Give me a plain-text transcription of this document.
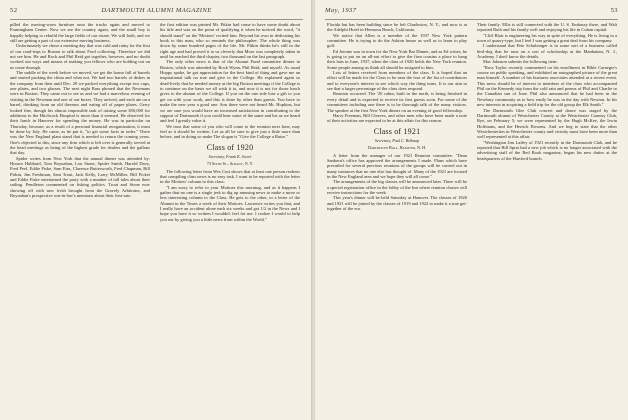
52	DARTMOUTH ALUMNI MAGAZINE

pilled the moving-worn furniture onto the trucks again and moved to Framingham Center. Now we are the country again, and the small boy is happily helping to rebuild the large fields of our estate. We will both, and we still are getting a part of our extensive moving business.

Unfortunately we chose a meeting day that was cold and rainy for the first of our road-trips to Boston to talk about Ford collecting. Therefore we did not see him. He and Rock and Phil Reid got together, however, and no doubt worked out ways and means of making you fellows who are holding out on us come through.

The saddle of the week before we moved, we got the house full of barrels and started packing the china and what not. We had two barrels of dishes in the company from then until Dec. 29 we packed everything except two cups, one plates, and two glasses. The next night Bass phoned that the Newmans were in Boston. They came out to see us and we had a marvelous evening of visiting in the Newman and one of our boxes. They arrived, and each ate on a barrel, drinking from an old thermos and eating off of paper plates. Gerry looked fine, though his almost impossible task of raising some $50,000 for additions to the Hitchcock Hospital is more than it seemed. He observed for their lunch in Hanover for spending the money. He was in particular on Thursday, because, as a result of a personal financial reorganization, it must be done by July. He came, as he put it, "to get some facts in order." There was the New England plant stand that is needed to return the coming years. One's objected to this, since any firm which is left over is generally served at the head meetings as being of the highest grade for dealers and the gallons that day.

Spider writes from New York that the annual dinner was attended by: Horace Hubbard, Tom Boynahan, Lou Stone, Spider Smith, Harold Davy, Fred Peel, Eddie Fiske, Sam Eies, Clarence Butterworth, Fred Chapman, Bill Pirkin, Jim Freshman, Sam Trout, Jack Kelly, Larry McMilles. Bill Picket and Eddie Fiske entertained the party with a number of tall tales about their sailing. Pendleton commented on fishing politics. Trout and Stone now showing off with new fresh brought from the Gravely Arbitrator, and Boynahan's prospective son-in-law's mentions about their first-rate.

the first edition was printed Mr. Pitkin had come to have some doubt about his title and was on the point of qualifying it when he noticed the word, "it should stand" on the 'Mottoes' recited him. Beyond his own in dedicating his book to this man, who so reminds the philosopher. The whole thing was down by some hundred pages of the life. Mr. Pitkin thinks he's still in the right age and had proved it to us cleverly that Moor was completely taken in until he reached the third chapter, two thousand on the last paragraph.

The only other news is that of the Alumni Fund committee dinner in Boston, which was attended by Rock Wynn, Phil Reid, and myself. As usual Hoppy spoke, he got appreciation for the best kind of thing and gave me an inspirational talk on true and give to the College. He explained again so dead-lively that he needed money at the big Boston meetings if the College is to continue on the basis we all wish it to, and now it is not for those lunch gives to the alumni of the College. If you on the one side lose a gift to you get on with your work, and this is done by other than guests. You have to make the new year a good one. Son there were not heard Mr. Hopkins, but we are sure you would have an increased satisfaction in contributing to the support of Dartmouth if you could hear some of the same and his as we heard and feel I greatly value it.

We trust that some of you who will come to the reunion next June, may feel as it should be written. Let us all be sure to give just a little more than before, and in doing so make The slogan is "Give the College a Raise."

Class of 1920
Secretary, Frank K. Sweet
73 Sixth St., Albany, N. Y.

The following letter from Wes Cost shows that at least one person realizes that compiling class news is no easy task. I want to be reported with the letter in the Mottoes' column to this class:

"I am sorry to refer to your Mottoes this morning, and as it happens I gather that no one is a single jerk to dig up amusing news to make a more or less interesting column to the Class. He gets to the other, to a letter of the Alumni in the Times a week of their Mottoes. Lawrence writes you that, and I really have an accident alone each six weeks and got 1/2 in the News and I hope you have it so written I wouldn't feel for me. I realize I would to help you out by giving you a little news from within the World."

May, 1937	53

Florida but has been building since he left Charleston, N. Y., and now is at the Adelphi Hotel in Hermosa Beach, California.

We notice that Allen is a member of the 1937 New York pattern committee. He is trying to do the Ashton house as well as to learn to play golf.

Ed Jerome was in town for the New York Bar Dinner, and as Ed writes, he is going to put on an all-out effort to give the firm cousins a place to hang their hats in June, 1937, when the class of 1920 holds the New York reunion. Some people among us think all should be assigned to him.

Lots of letters received from members of the class. It is hoped that an effort will be made for the Class to be near the foot of the list of contributors and to everyone's interest to see which way the thing turns. It is our aim to see that a larger percentage of the class does respond.

Reunion occurred. The '20 cabin, built in the north, is being finished in every detail and is expected to receive its first guests soon. For some of the committees including one there is to be thorough talk of the many visitors. The speaker at the first New York dinner on an evening of good fellowship.

Harry Freeman, Bill Cleaves, and other men who have been made a note of their activities are expected to be at this affair for this reason.

Class of 1921
Secretary, Paul C. Belknap
Dartmouth Hall, Hanover, N. H.

A letter from the manager of our 1921 Reunion committee: "Dean Sanborn's office has approved the arrangements I made. Plans which have prevailed for several previous reunions of the groups will be carried out in many instances that no one else has thought of. Many of the 1921 are located in the New England area and we hope they will all come."

The arrangements of the big classes will be announced later. There will be a special registration office in the lobby of the Inn where reunion classes will receive instructions for the week.

This year's dinner will be held Saturday at Hanover. The classes of 1920 and 1921 will be joined by the classes of 1919 and 1922 to make it a true get-together of the era.

Their family. Ellis is still connected with the U. S. Embassy there, and Walt reported Ruth and his family well and enjoying his life in Cuban capital.

"Cliff Blair is engineering his way in spite of everything. He is living in a town of quarry-type, but I feel I was getting a great deal from his company.

I understand that Pete Schulzinger is in some sort of a business called bird-dog that he runs on a sort of scholarship at the Manhattan, N. J., Academy. I don't know the details.

Mac Johnson submits the following item:

"Ross Taylor recently commented on his enrollment in Bible Carnegie's course on public speaking, and exhibited an autographed picture of the great man himself. A number of his business associates attended at a recent event. This news should be of interest to members of the class who accompanied Phil on the Kennedy trip from the cold rain and poems of Phil and Charlie to the Canadian sun of June. Phil also announced that he had been in the Newbury community as to how easily he was in the day with Newton. In his new interests in acquiring a field trip for the old group the Elk Smith."

The Dartmouth Glee Club concert and dance was staged by the Dartmouth alumni of Westchester County at the Westchester Country Club, Rye, on February 5; we were represented by the Hugh McKee, the Irwin Hoffmans, and the Herrick Bowens. And we beg to state that the other Westchesterites in Westchester county and vicinity must have been more than well represented at this affair.

"Weshington Jim Laffey of 1921 recently in the Dartmouth Club, and he reported that Bill Sprat had a new job which is no longer associated with the advertising staff of the Red Book magazine, began his new duties at the headquarters of the Hartford branch.
